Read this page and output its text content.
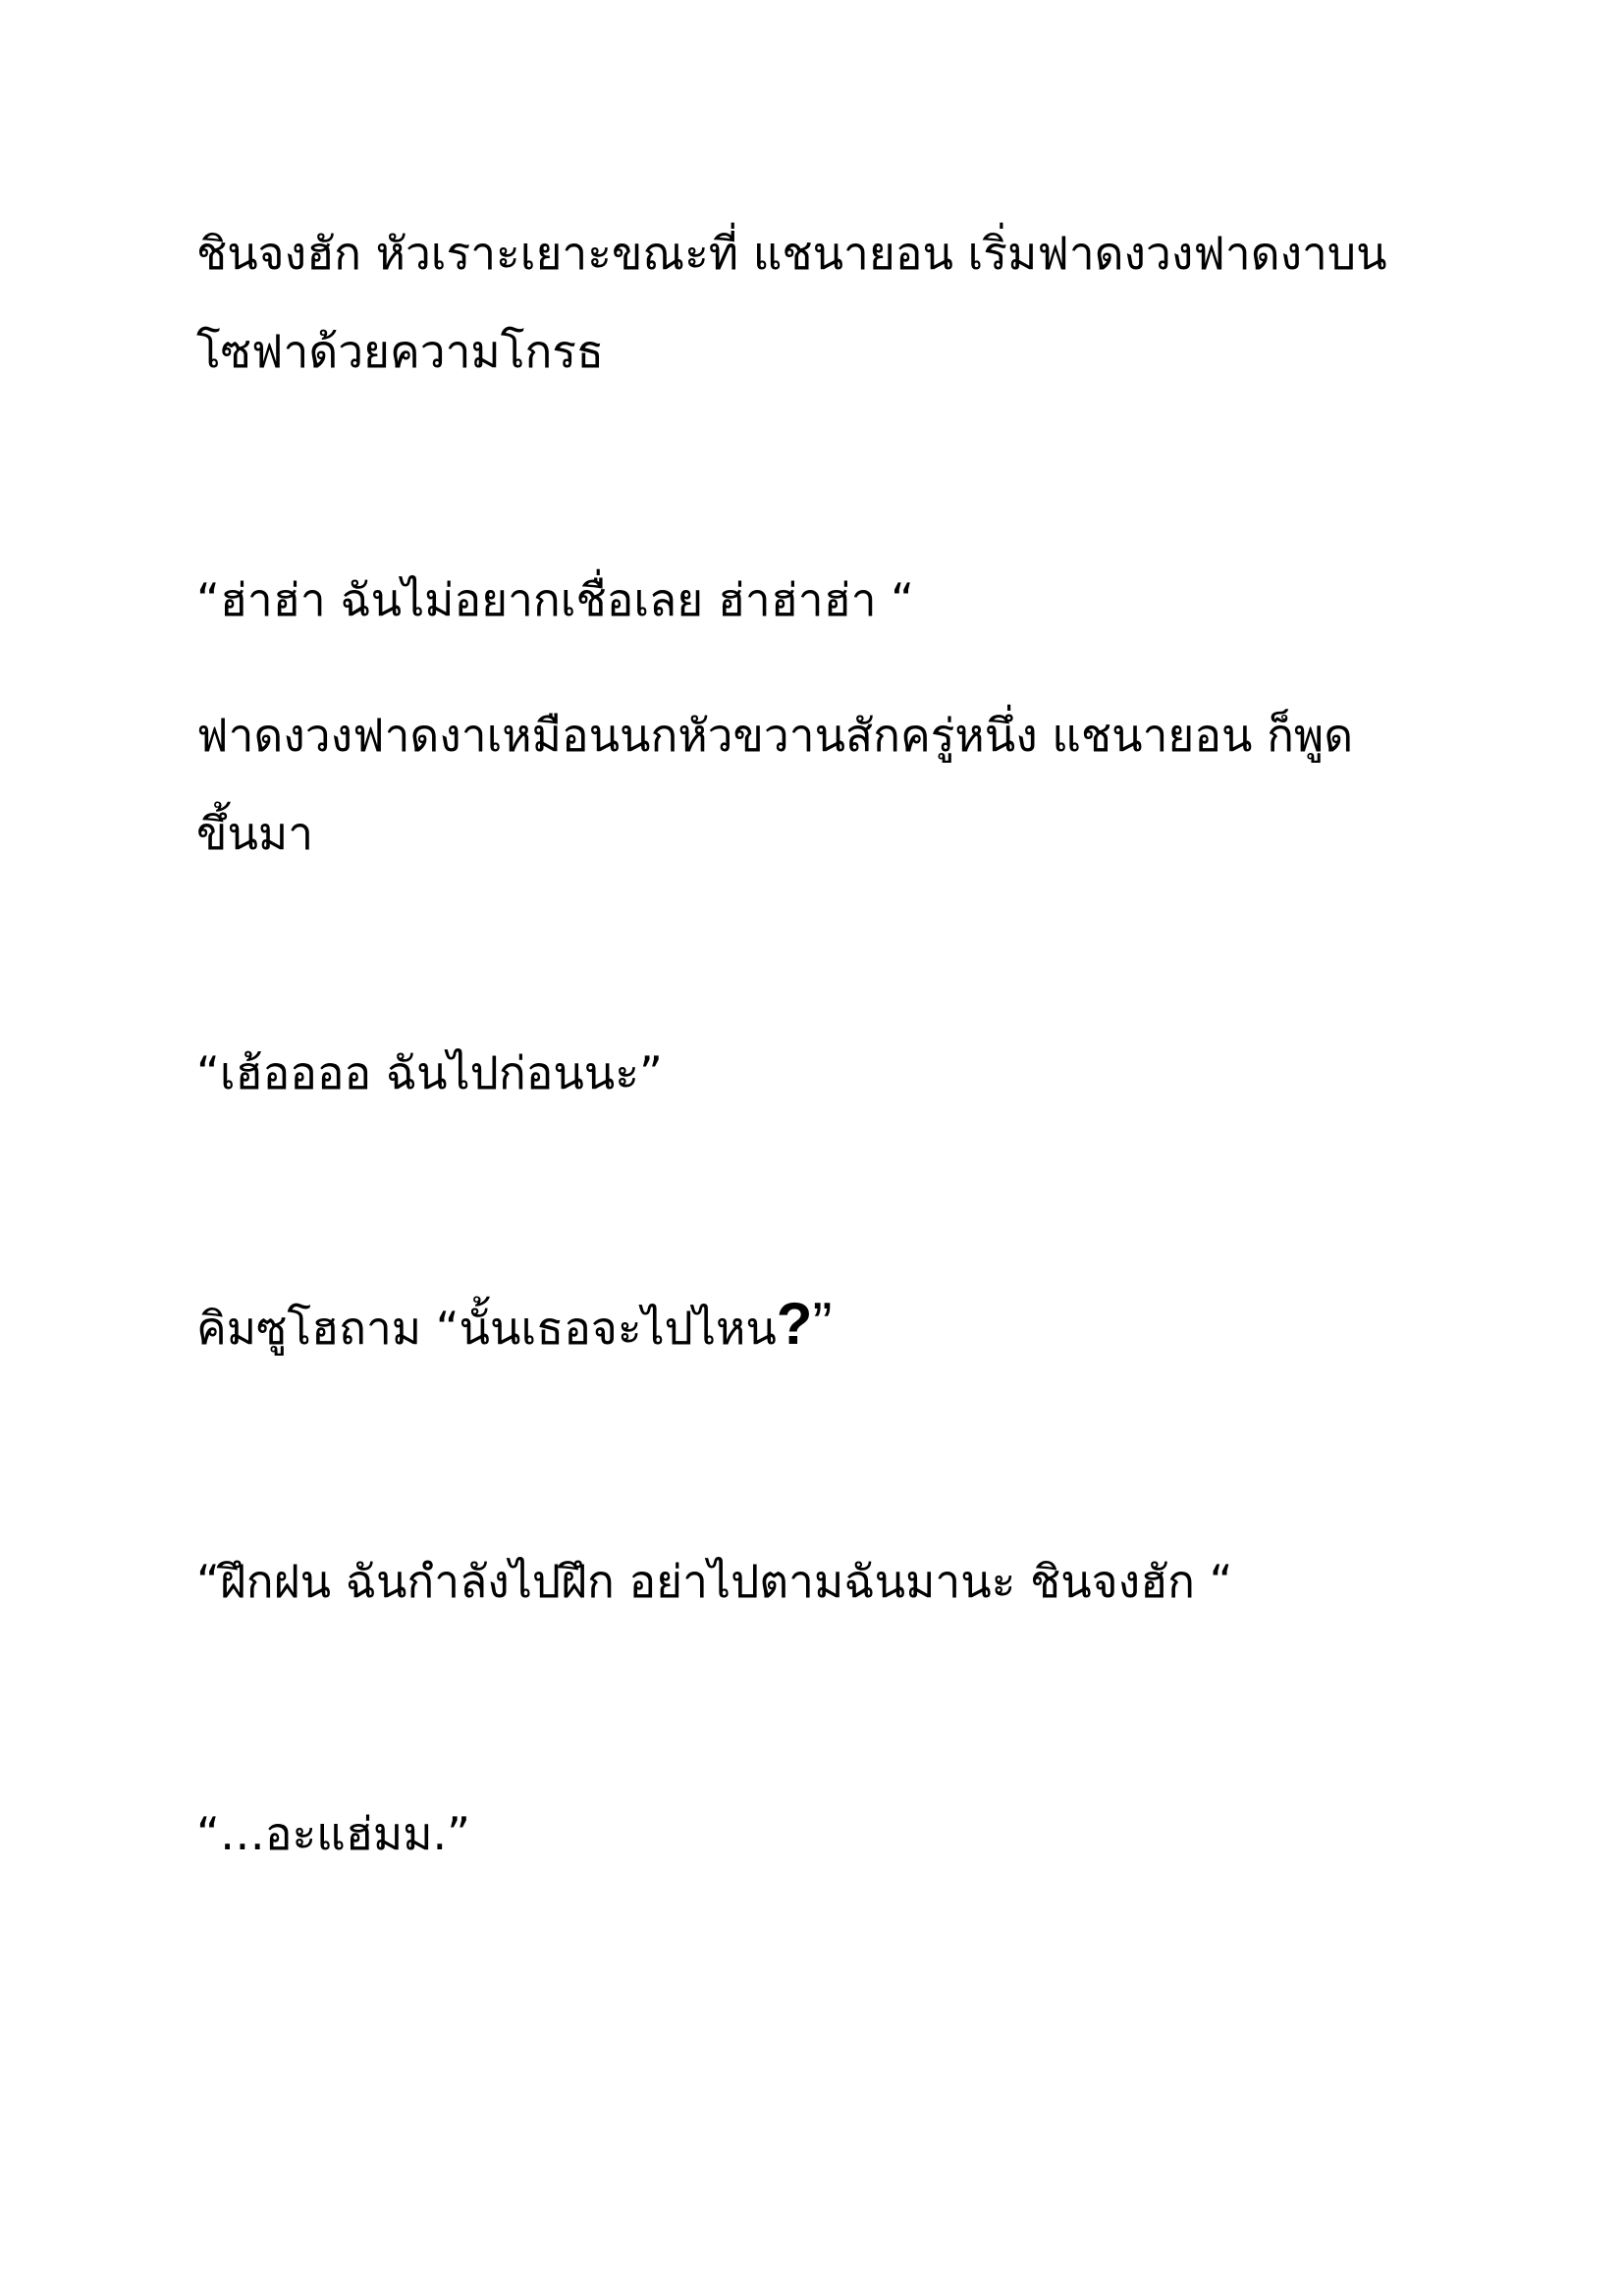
ชินจงฮัก หัวเราะเยาะขณะที่ แชนายอน เริ่มฟาดงวงฟาดงาบน
โซฟาด้วยความโกรธ

“ฮ่าฮ่า ฉันไม่อยากเชื่อเลย ฮ่าฮ่าฮ่า “

ฟาดงวงฟาดงาเหมือนนกหัวขวานสักครู่หนึ่ง แชนายอน ก็พูด
ขึ้นมา

“เฮ้ออออ ฉันไปก่อนนะ”

คิมซูโฮถาม “นั้นเธอจะไปไหน?”

“ฝึกฝน ฉันกำลังไปฝึก อย่าไปตามฉันมานะ ชินจงฮัก “

“…อะแฮ่มม.”
